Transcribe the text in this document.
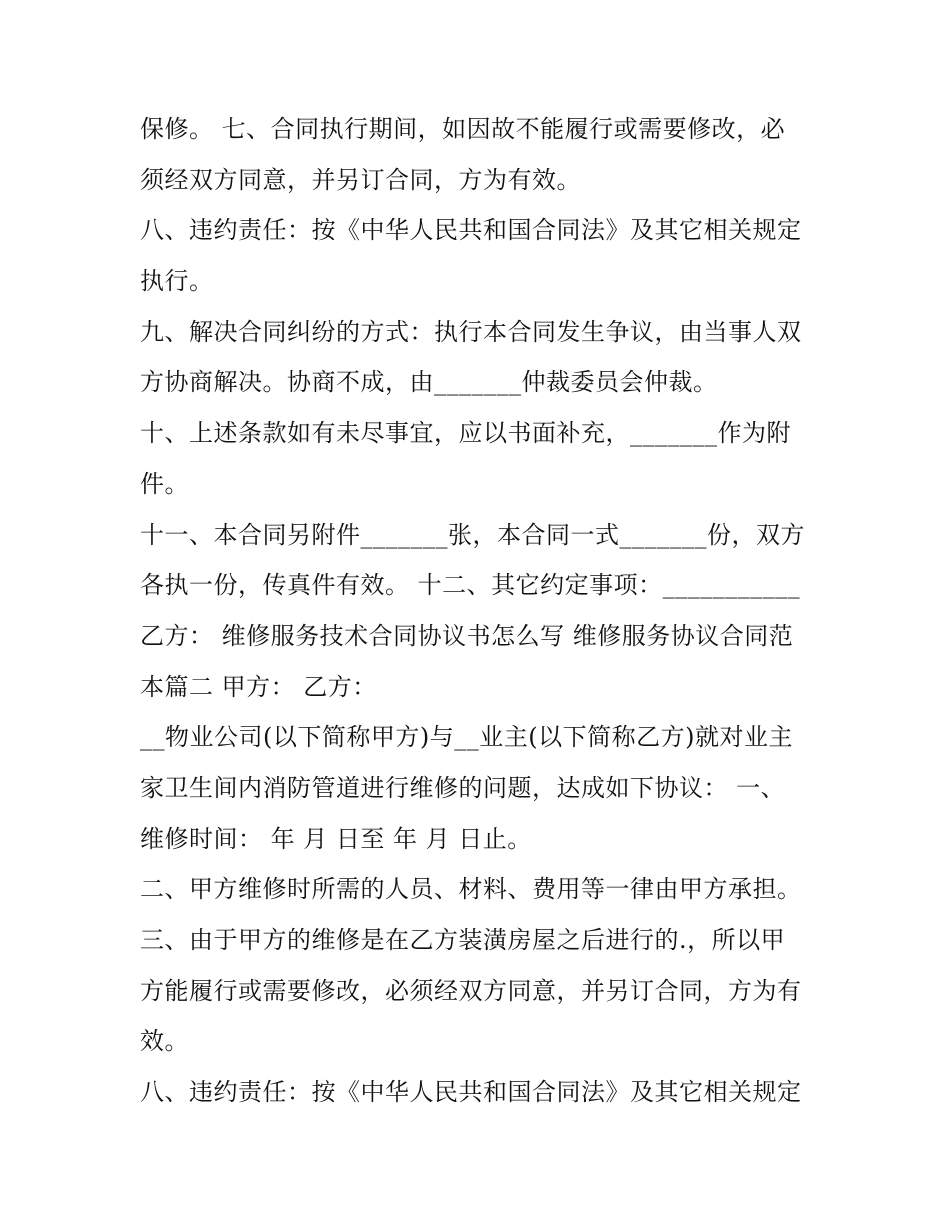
保修。 七、合同执行期间，如因故不能履行或需要修改，必
须经双方同意，并另订合同，方为有效。
八、违约责任：按《中华人民共和国合同法》及其它相关规定
执行。
九、解决合同纠纷的方式：执行本合同发生争议，由当事人双
方协商解决。协商不成，由_______仲裁委员会仲裁。
十、上述条款如有未尽事宜，应以书面补充，_______作为附
件。
十一、本合同另附件_______张，本合同一式_______份，双方
各执一份，传真件有效。 十二、其它约定事项：___________
乙方： 维修服务技术合同协议书怎么写 维修服务协议合同范
本篇二 甲方： 乙方：
__物业公司(以下简称甲方)与__业主(以下简称乙方)就对业主
家卫生间内消防管道进行维修的问题，达成如下协议： 一、
维修时间： 年 月 日至 年 月 日止。
二、甲方维修时所需的人员、材料、费用等一律由甲方承担。
三、由于甲方的维修是在乙方装潢房屋之后进行的.，所以甲
方能履行或需要修改，必须经双方同意，并另订合同，方为有
效。
八、违约责任：按《中华人民共和国合同法》及其它相关规定
